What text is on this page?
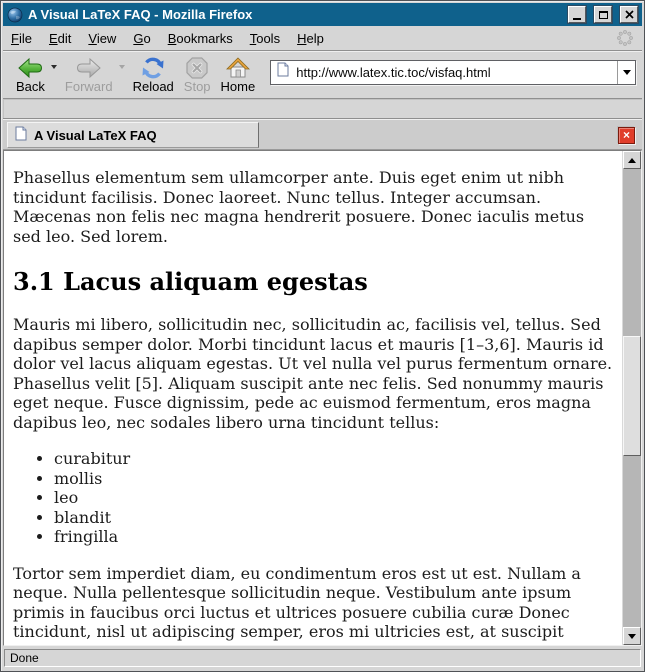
A Visual LaTeX FAQ - Mozilla Firefox
File Edit View Go Bookmarks Tools Help
Back Forward Reload Stop Home
http://www.latex.tic.toc/visfaq.html
A Visual LaTeX FAQ	×

Phasellus elementum sem ullamcorper ante. Duis eget enim ut nibh tincidunt facilisis. Donec laoreet. Nunc tellus. Integer accumsan. Mæcenas non felis nec magna hendrerit posuere. Donec iaculis metus sed leo. Sed lorem.

3.1 Lacus aliquam egestas

Mauris mi libero, sollicitudin nec, sollicitudin ac, facilisis vel, tellus. Sed dapibus semper dolor. Morbi tincidunt lacus et mauris [1–3,6]. Mauris id dolor vel lacus aliquam egestas. Ut vel nulla vel purus fermentum ornare. Phasellus velit [5]. Aliquam suscipit ante nec felis. Sed nonummy mauris eget neque. Fusce dignissim, pede ac euismod fermentum, eros magna dapibus leo, nec sodales libero urna tincidunt tellus:

• curabitur
• mollis
• leo
• blandit
• fringilla

Tortor sem imperdiet diam, eu condimentum eros est ut est. Nullam a neque. Nulla pellentesque sollicitudin neque. Vestibulum ante ipsum primis in faucibus orci luctus et ultrices posuere cubilia curæ Donec tincidunt, nisl ut adipiscing semper, eros mi ultricies est, at suscipit

Done
